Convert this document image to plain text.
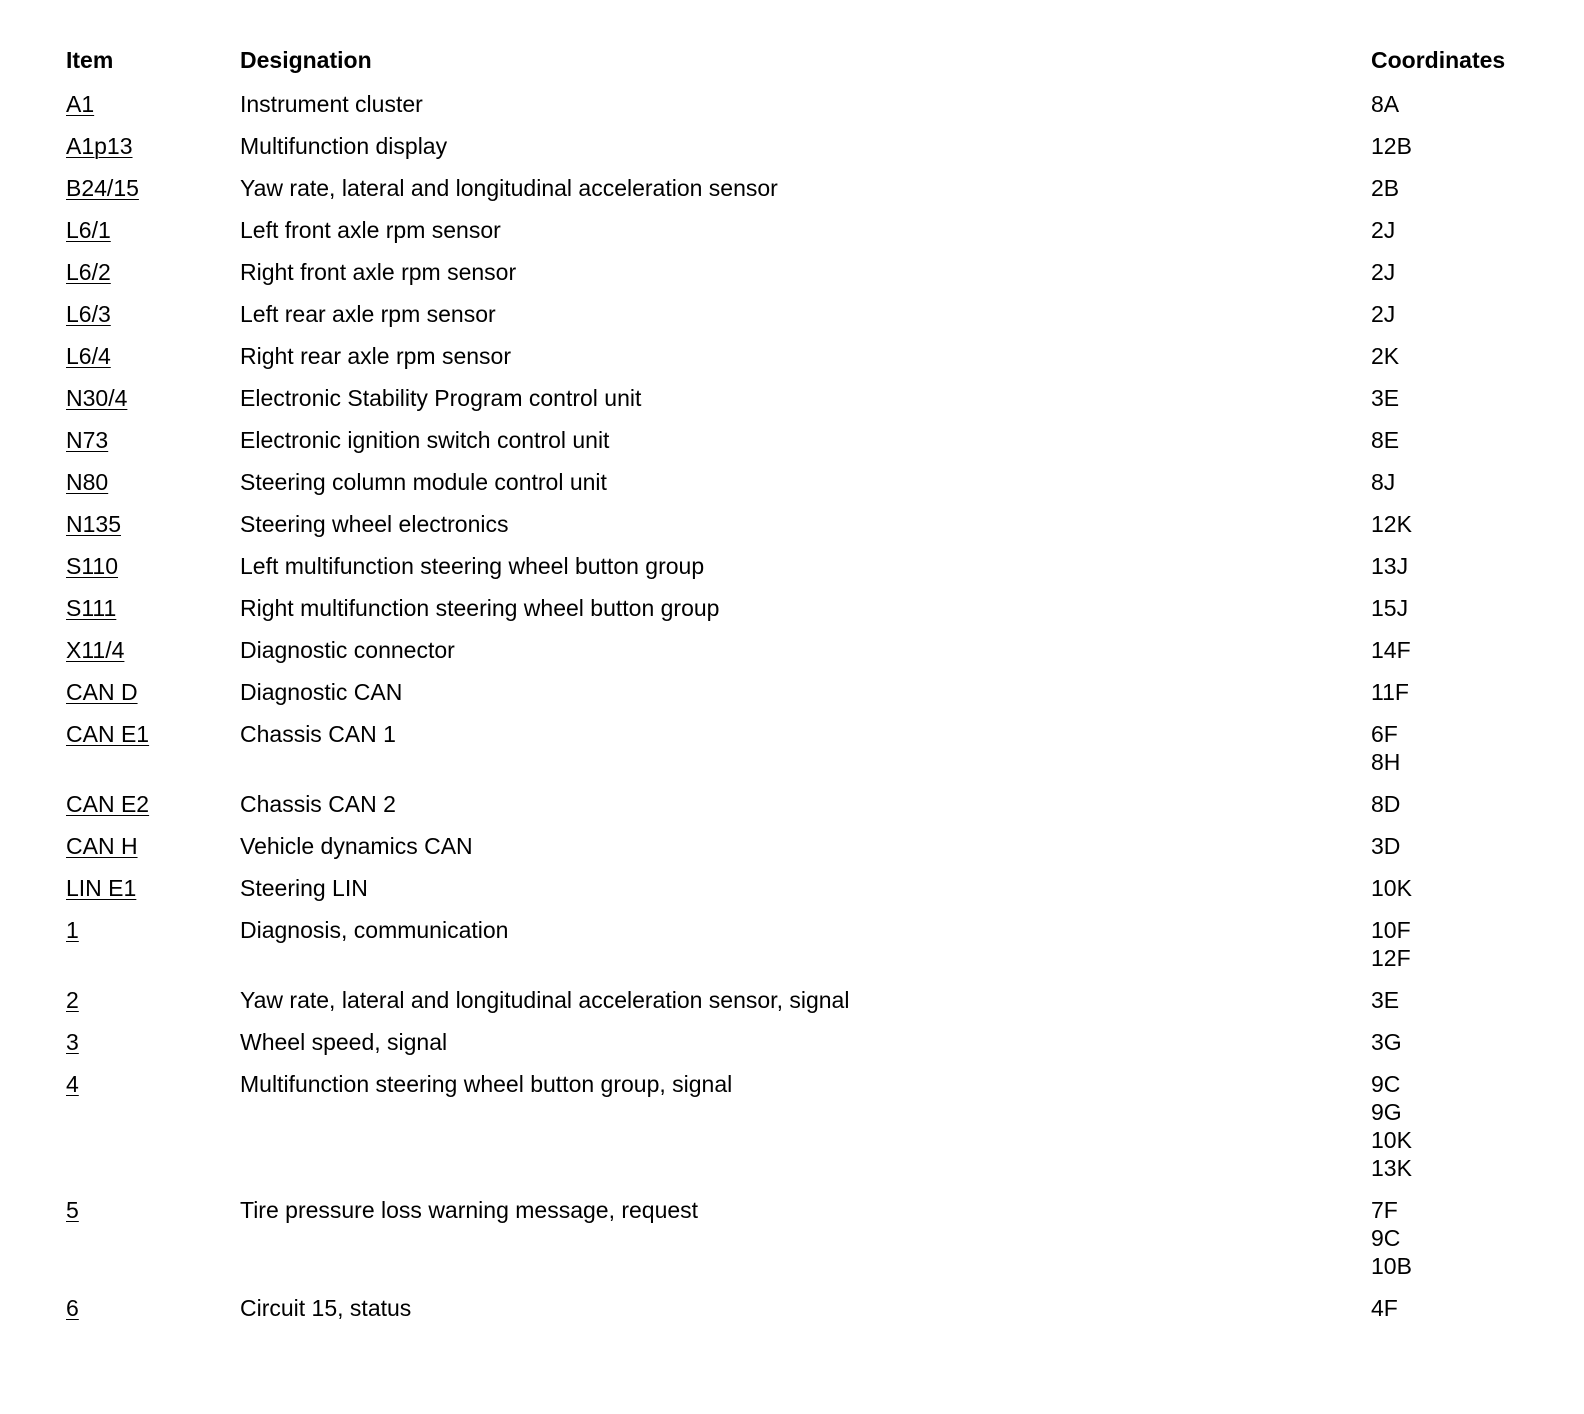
Item	Designation	Coordinates
A1	Instrument cluster	8A
A1p13	Multifunction display	12B
B24/15	Yaw rate, lateral and longitudinal acceleration sensor	2B
L6/1	Left front axle rpm sensor	2J
L6/2	Right front axle rpm sensor	2J
L6/3	Left rear axle rpm sensor	2J
L6/4	Right rear axle rpm sensor	2K
N30/4	Electronic Stability Program control unit	3E
N73	Electronic ignition switch control unit	8E
N80	Steering column module control unit	8J
N135	Steering wheel electronics	12K
S110	Left multifunction steering wheel button group	13J
S111	Right multifunction steering wheel button group	15J
X11/4	Diagnostic connector	14F
CAN D	Diagnostic CAN	11F
CAN E1	Chassis CAN 1	6F
8H
CAN E2	Chassis CAN 2	8D
CAN H	Vehicle dynamics CAN	3D
LIN E1	Steering LIN	10K
1	Diagnosis, communication	10F
12F
2	Yaw rate, lateral and longitudinal acceleration sensor, signal	3E
3	Wheel speed, signal	3G
4	Multifunction steering wheel button group, signal	9C
9G
10K
13K
5	Tire pressure loss warning message, request	7F
9C
10B
6	Circuit 15, status	4F
